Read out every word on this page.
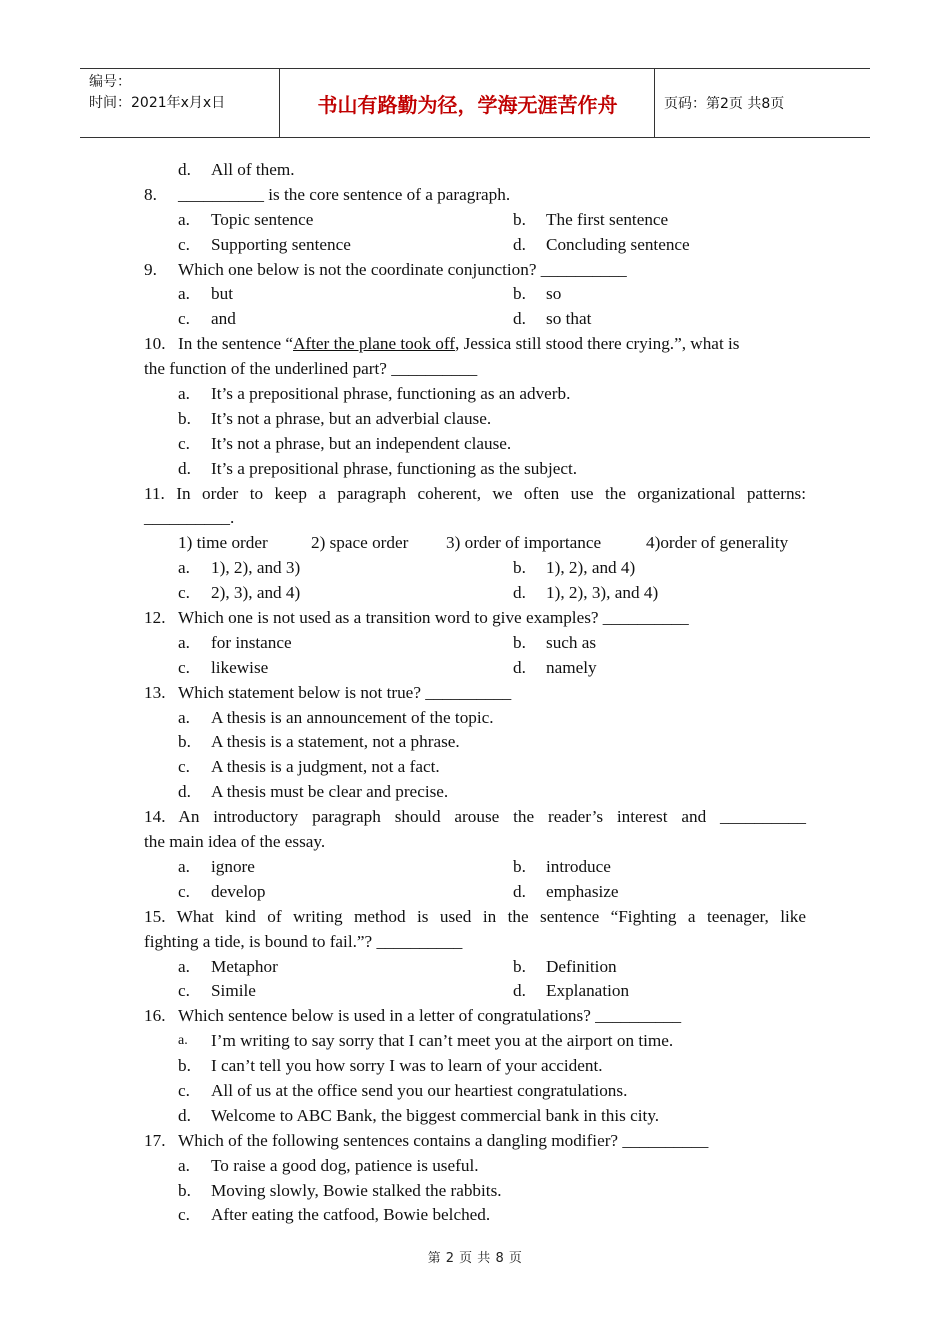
编号：
时间：2021年x月x日	书山有路勤为径，学海无涯苦作舟	页码：第2页 共8页
d. All of them.
8. __________ is the core sentence of a paragraph.
a. Topic sentence	b. The first sentence
c. Supporting sentence	d. Concluding sentence
9. Which one below is not the coordinate conjunction? __________
a. but	b. so
c. and	d. so that
10. In the sentence “After the plane took off, Jessica still stood there crying.”, what is
the function of the underlined part? __________
a. It’s a prepositional phrase, functioning as an adverb.
b. It’s not a phrase, but an adverbial clause.
c. It’s not a phrase, but an independent clause.
d. It’s a prepositional phrase, functioning as the subject.
11. In order to keep a paragraph coherent, we often use the organizational patterns:
__________.
1) time order	2) space order 3) order of importance	4)order of generality
a. 1), 2), and 3)	b. 1), 2), and 4)
c. 2), 3), and 4)	d. 1), 2), 3), and 4)
12. Which one is not used as a transition word to give examples? __________
a. for instance	b. such as
c. likewise	d. namely
13. Which statement below is not true? __________
a. A thesis is an announcement of the topic.
b. A thesis is a statement, not a phrase.
c. A thesis is a judgment, not a fact.
d. A thesis must be clear and precise.
14. An introductory paragraph should arouse the reader’s interest and __________
the main idea of the essay.
a. ignore	b. introduce
c. develop	d. emphasize
15. What kind of writing method is used in the sentence “Fighting a teenager, like
fighting a tide, is bound to fail.”? __________
a. Metaphor	b. Definition
c. Simile	d. Explanation
16. Which sentence below is used in a letter of congratulations? __________
a. I’m writing to say sorry that I can’t meet you at the airport on time.
b. I can’t tell you how sorry I was to learn of your accident.
c. All of us at the office send you our heartiest congratulations.
d. Welcome to ABC Bank, the biggest commercial bank in this city.
17. Which of the following sentences contains a dangling modifier? __________
a. To raise a good dog, patience is useful.
b. Moving slowly, Bowie stalked the rabbits.
c. After eating the catfood, Bowie belched.
第 2 页 共 8 页
